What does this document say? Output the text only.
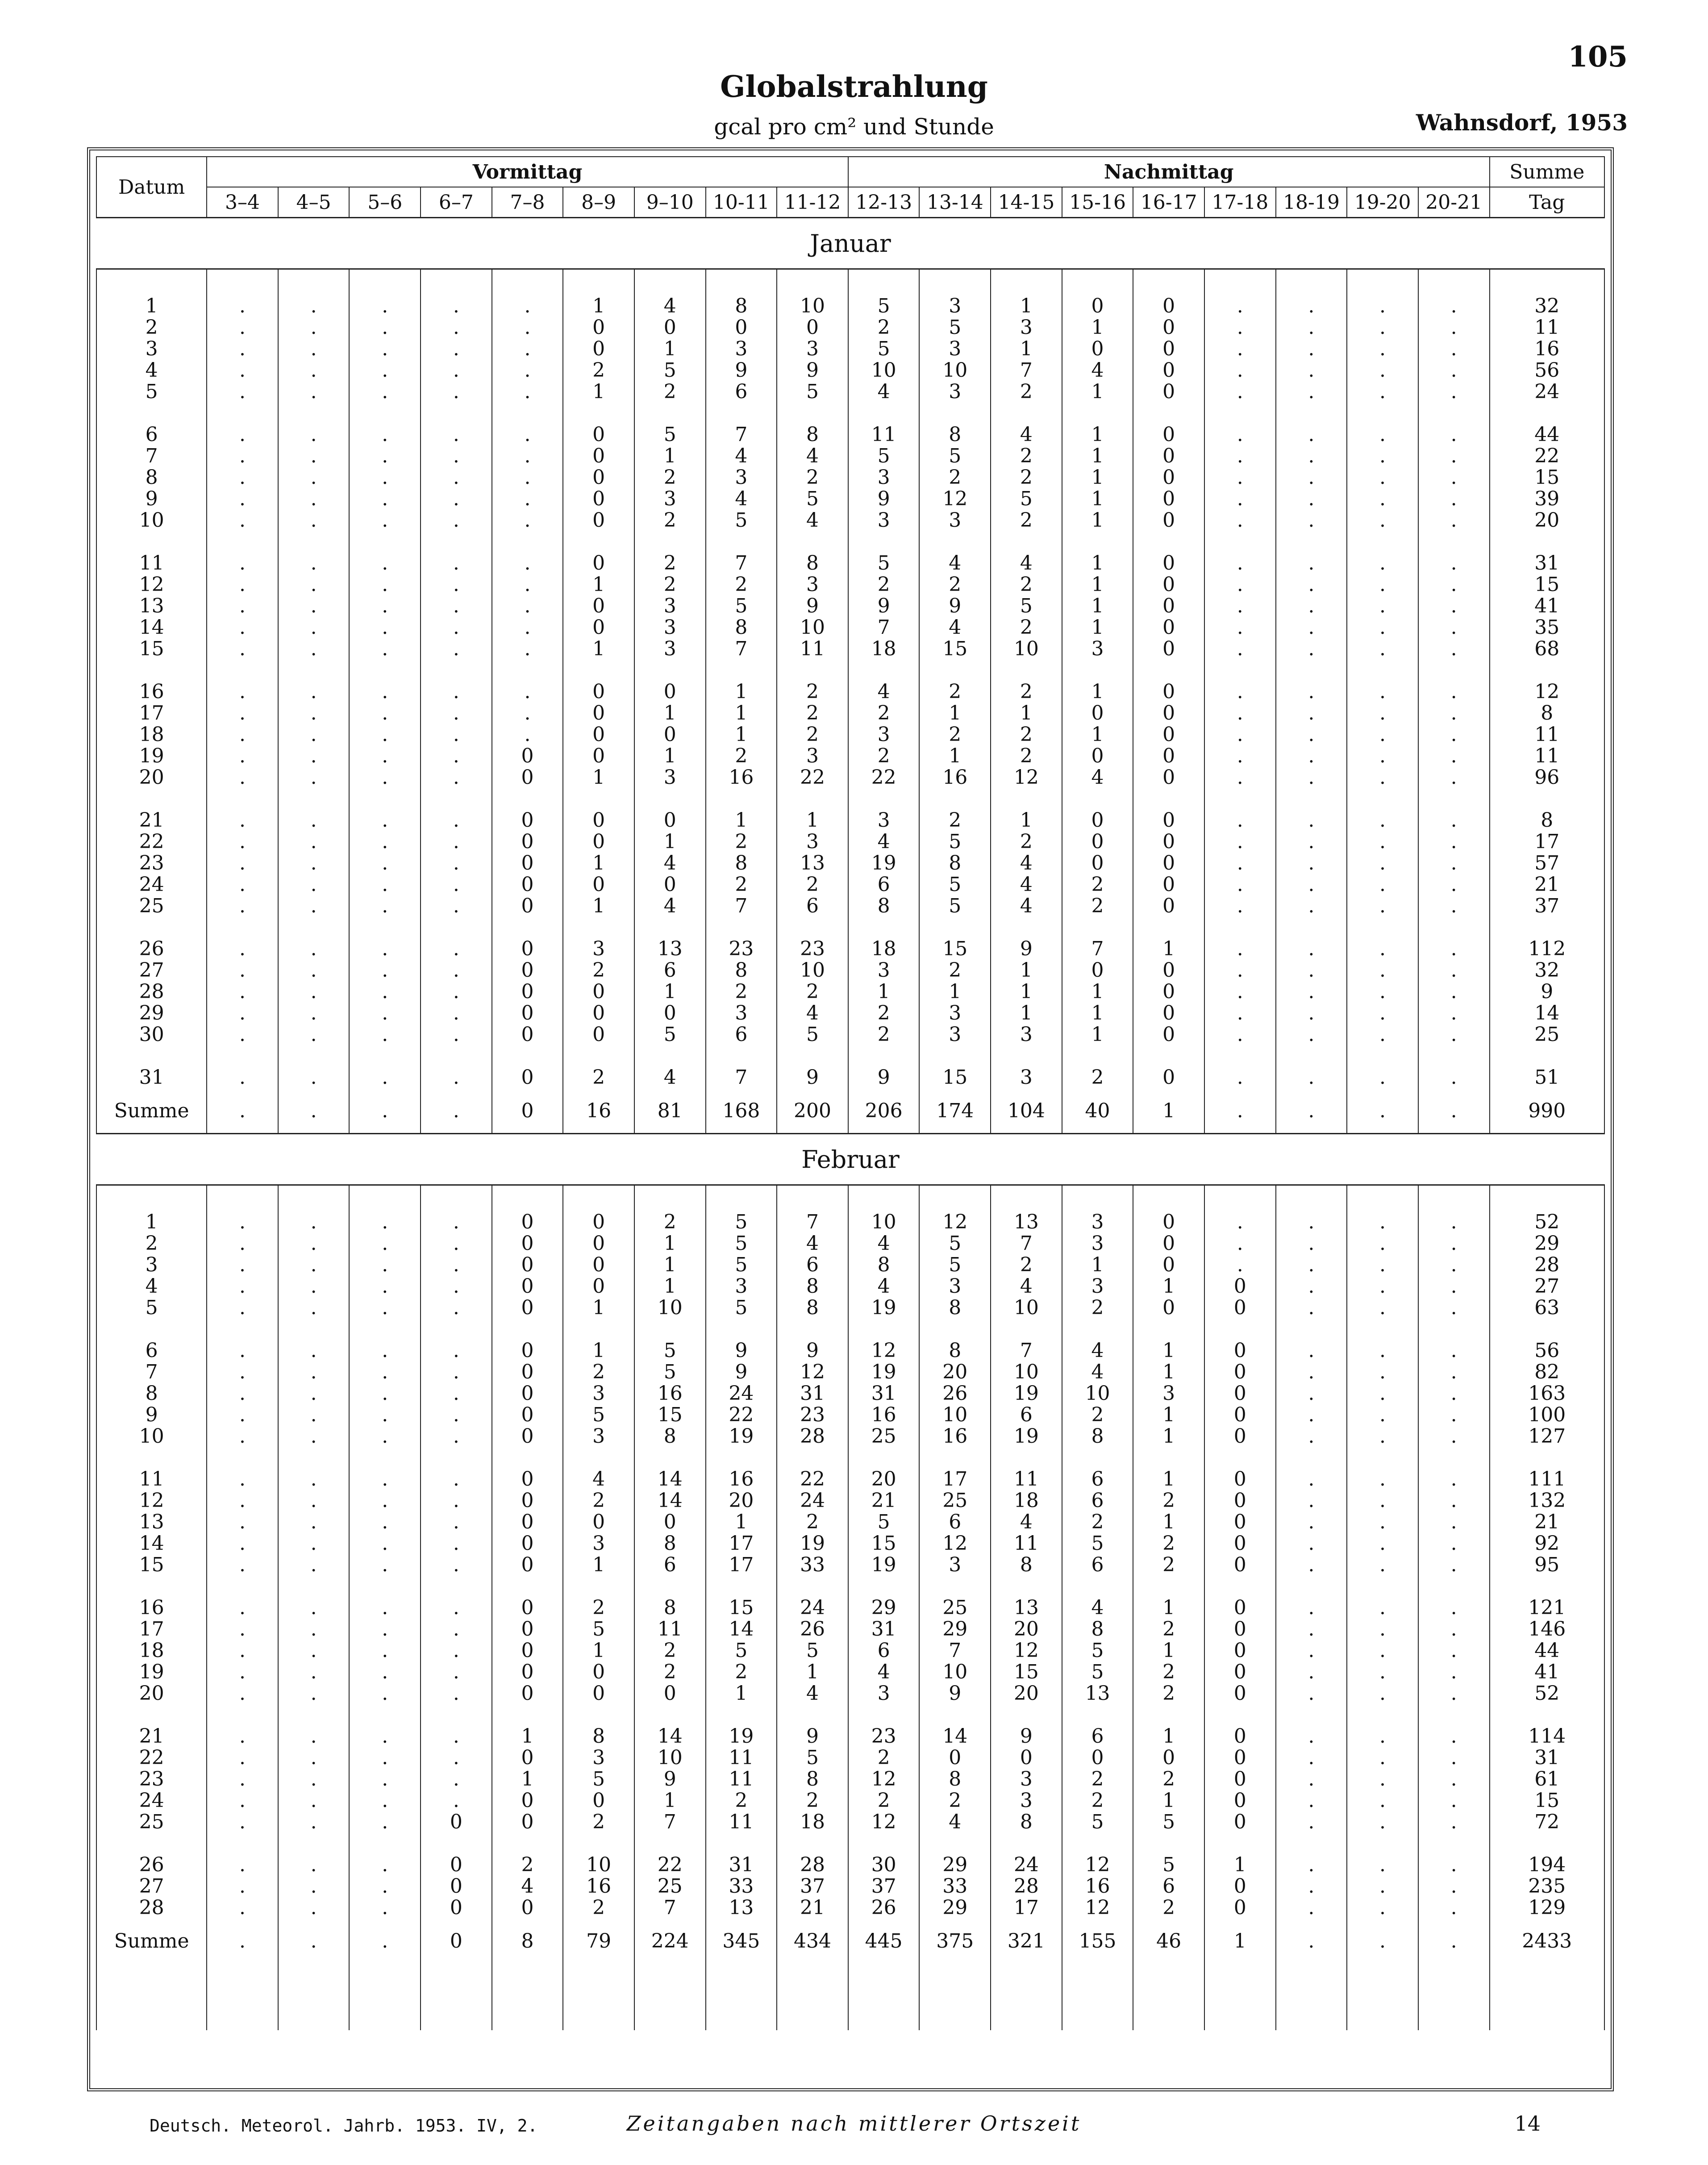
105
Globalstrahlung
gcal pro cm² und Stunde	Wahnsdorf, 1953
Datum	Vormittag									Nachmittag									Summe
	3–4	4–5	5–6	6–7	7–8	8–9	9–10	10-11	11-12	12-13	13-14	14-15	15-16	16-17	17-18	18-19	19-20	20-21	Tag
Januar																			

1	.	.	.	.	.	1	4	8	10	5	3	1	0	0	.	.	.	.	32
2	.	.	.	.	.	0	0	0	0	2	5	3	1	0	.	.	.	.	11
3	.	.	.	.	.	0	1	3	3	5	3	1	0	0	.	.	.	.	16
4	.	.	.	.	.	2	5	9	9	10	10	7	4	0	.	.	.	.	56
5	.	.	.	.	.	1	2	6	5	4	3	2	1	0	.	.	.	.	24

6	.	.	.	.	.	0	5	7	8	11	8	4	1	0	.	.	.	.	44
7	.	.	.	.	.	0	1	4	4	5	5	2	1	0	.	.	.	.	22
8	.	.	.	.	.	0	2	3	2	3	2	2	1	0	.	.	.	.	15
9	.	.	.	.	.	0	3	4	5	9	12	5	1	0	.	.	.	.	39
10	.	.	.	.	.	0	2	5	4	3	3	2	1	0	.	.	.	.	20

11	.	.	.	.	.	0	2	7	8	5	4	4	1	0	.	.	.	.	31
12	.	.	.	.	.	1	2	2	3	2	2	2	1	0	.	.	.	.	15
13	.	.	.	.	.	0	3	5	9	9	9	5	1	0	.	.	.	.	41
14	.	.	.	.	.	0	3	8	10	7	4	2	1	0	.	.	.	.	35
15	.	.	.	.	.	1	3	7	11	18	15	10	3	0	.	.	.	.	68

16	.	.	.	.	.	0	0	1	2	4	2	2	1	0	.	.	.	.	12
17	.	.	.	.	.	0	1	1	2	2	1	1	0	0	.	.	.	.	8
18	.	.	.	.	.	0	0	1	2	3	2	2	1	0	.	.	.	.	11
19	.	.	.	.	0	0	1	2	3	2	1	2	0	0	.	.	.	.	11
20	.	.	.	.	0	1	3	16	22	22	16	12	4	0	.	.	.	.	96

21	.	.	.	.	0	0	0	1	1	3	2	1	0	0	.	.	.	.	8
22	.	.	.	.	0	0	1	2	3	4	5	2	0	0	.	.	.	.	17
23	.	.	.	.	0	1	4	8	13	19	8	4	0	0	.	.	.	.	57
24	.	.	.	.	0	0	0	2	2	6	5	4	2	0	.	.	.	.	21
25	.	.	.	.	0	1	4	7	6	8	5	4	2	0	.	.	.	.	37

26	.	.	.	.	0	3	13	23	23	18	15	9	7	1	.	.	.	.	112
27	.	.	.	.	0	2	6	8	10	3	2	1	0	0	.	.	.	.	32
28	.	.	.	.	0	0	1	2	2	1	1	1	1	0	.	.	.	.	9
29	.	.	.	.	0	0	0	3	4	2	3	1	1	0	.	.	.	.	14
30	.	.	.	.	0	0	5	6	5	2	3	3	1	0	.	.	.	.	25

31	.	.	.	.	0	2	4	7	9	9	15	3	2	0	.	.	.	.	51
Summe	.	.	.	.	0	16	81	168	200	206	174	104	40	1	.	.	.	.	990
Februar																			

1	.	.	.	.	0	0	2	5	7	10	12	13	3	0	.	.	.	.	52
2	.	.	.	.	0	0	1	5	4	4	5	7	3	0	.	.	.	.	29
3	.	.	.	.	0	0	1	5	6	8	5	2	1	0	.	.	.	.	28
4	.	.	.	.	0	0	1	3	8	4	3	4	3	1	0	.	.	.	27
5	.	.	.	.	0	1	10	5	8	19	8	10	2	0	0	.	.	.	63

6	.	.	.	.	0	1	5	9	9	12	8	7	4	1	0	.	.	.	56
7	.	.	.	.	0	2	5	9	12	19	20	10	4	1	0	.	.	.	82
8	.	.	.	.	0	3	16	24	31	31	26	19	10	3	0	.	.	.	163
9	.	.	.	.	0	5	15	22	23	16	10	6	2	1	0	.	.	.	100
10	.	.	.	.	0	3	8	19	28	25	16	19	8	1	0	.	.	.	127

11	.	.	.	.	0	4	14	16	22	20	17	11	6	1	0	.	.	.	111
12	.	.	.	.	0	2	14	20	24	21	25	18	6	2	0	.	.	.	132
13	.	.	.	.	0	0	0	1	2	5	6	4	2	1	0	.	.	.	21
14	.	.	.	.	0	3	8	17	19	15	12	11	5	2	0	.	.	.	92
15	.	.	.	.	0	1	6	17	33	19	3	8	6	2	0	.	.	.	95

16	.	.	.	.	0	2	8	15	24	29	25	13	4	1	0	.	.	.	121
17	.	.	.	.	0	5	11	14	26	31	29	20	8	2	0	.	.	.	146
18	.	.	.	.	0	1	2	5	5	6	7	12	5	1	0	.	.	.	44
19	.	.	.	.	0	0	2	2	1	4	10	15	5	2	0	.	.	.	41
20	.	.	.	.	0	0	0	1	4	3	9	20	13	2	0	.	.	.	52

21	.	.	.	.	1	8	14	19	9	23	14	9	6	1	0	.	.	.	114
22	.	.	.	.	0	3	10	11	5	2	0	0	0	0	0	.	.	.	31
23	.	.	.	.	1	5	9	11	8	12	8	3	2	2	0	.	.	.	61
24	.	.	.	.	0	0	1	2	2	2	2	3	2	1	0	.	.	.	15
25	.	.	.	0	0	2	7	11	18	12	4	8	5	5	0	.	.	.	72

26	.	.	.	0	2	10	22	31	28	30	29	24	12	5	1	.	.	.	194
27	.	.	.	0	4	16	25	33	37	37	33	28	16	6	0	.	.	.	235
28	.	.	.	0	0	2	7	13	21	26	29	17	12	2	0	.	.	.	129
Summe	.	.	.	0	8	79	224	345	434	445	375	321	155	46	1	.	.	.	2433

Zeitangaben nach mittlerer Ortszeit
Deutsch. Meteorol. Jahrb. 1953. IV, 2.	14
